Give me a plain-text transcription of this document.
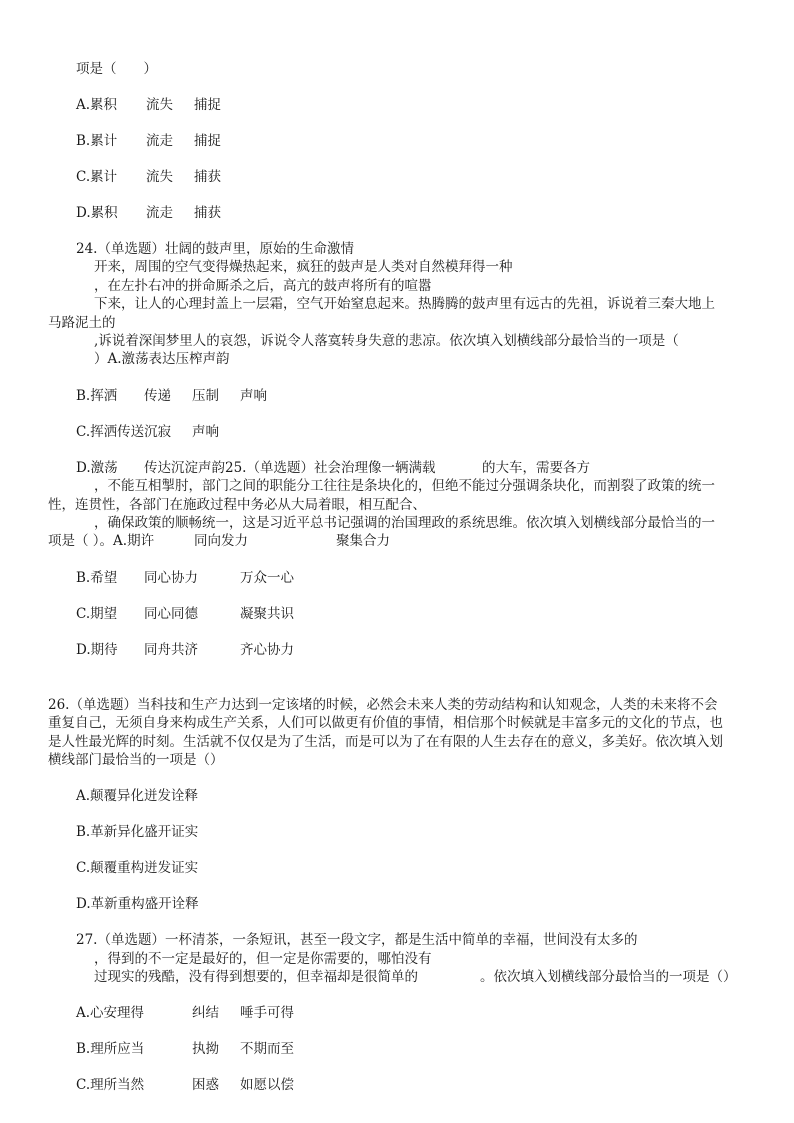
项是（　　）
A.累积 流失 捕捉
B.累计 流走 捕捉
C.累计 流失 捕获
D.累积 流走 捕获
24.（单选题）壮阔的鼓声里，原始的生命激情
开来，周围的空气变得燥热起来，疯狂的鼓声是人类对自然模拜得一种
，在左扑右冲的拼命厮杀之后，高亢的鼓声将所有的喧嚣
下来，让人的心理封盖上一层霜，空气开始窒息起来。热腾腾的鼓声里有远古的先祖，诉说着三秦大地上
马路泥土的
,诉说着深闺梦里人的哀怨，诉说令人落寞转身失意的悲凉。依次填入划横线部分最恰当的一项是（
）A.激荡表达压榨声韵
B.挥洒 传递 压制 声响
C.挥洒传送沉寂 声响
D.激荡 传达沉淀声韵25.（单选题）社会治理像一辆满载	的大车，需要各方
，不能互相掣肘，部门之间的职能分工往往是条块化的，但绝不能过分强调条块化，而割裂了政策的统一
性，连贯性，各部门在施政过程中务必从大局着眼，相互配合、
，确保政策的顺畅统一，这是习近平总书记强调的治国理政的系统思维。依次填入划横线部分最恰当的一
项是（ ）。A.期许	同向发力	聚集合力
B.希望 同心协力	万众一心
C.期望 同心同德	凝聚共识
D.期待 同舟共济	齐心协力
26.（单选题）当科技和生产力达到一定该堵的时候，必然会未来人类的劳动结构和认知观念，人类的未来将不会
重复自己，无须自身来构成生产关系，人们可以做更有价值的事情，相信那个时候就是丰富多元的文化的节点，也
是人性最光辉的时刻。生活就不仅仅是为了生活，而是可以为了在有限的人生去存在的意义，多美好。依次填入划
横线部门最恰当的一项是（）
A.颠覆异化迸发诠释
B.革新异化盛开证实
C.颠覆重构迸发证实
D.革新重构盛开诠释
27.（单选题）一杯清茶，一条短讯，甚至一段文字，都是生活中简单的幸福，世间没有太多的
，得到的不一定是最好的，但一定是你需要的，哪怕没有
过现实的残酷，没有得到想要的，但幸福却是很简单的	。依次填入划横线部分最恰当的一项是（）
A.心安理得	纠结 唾手可得
B.理所应当	执拗 不期而至
C.理所当然	困惑 如愿以偿
